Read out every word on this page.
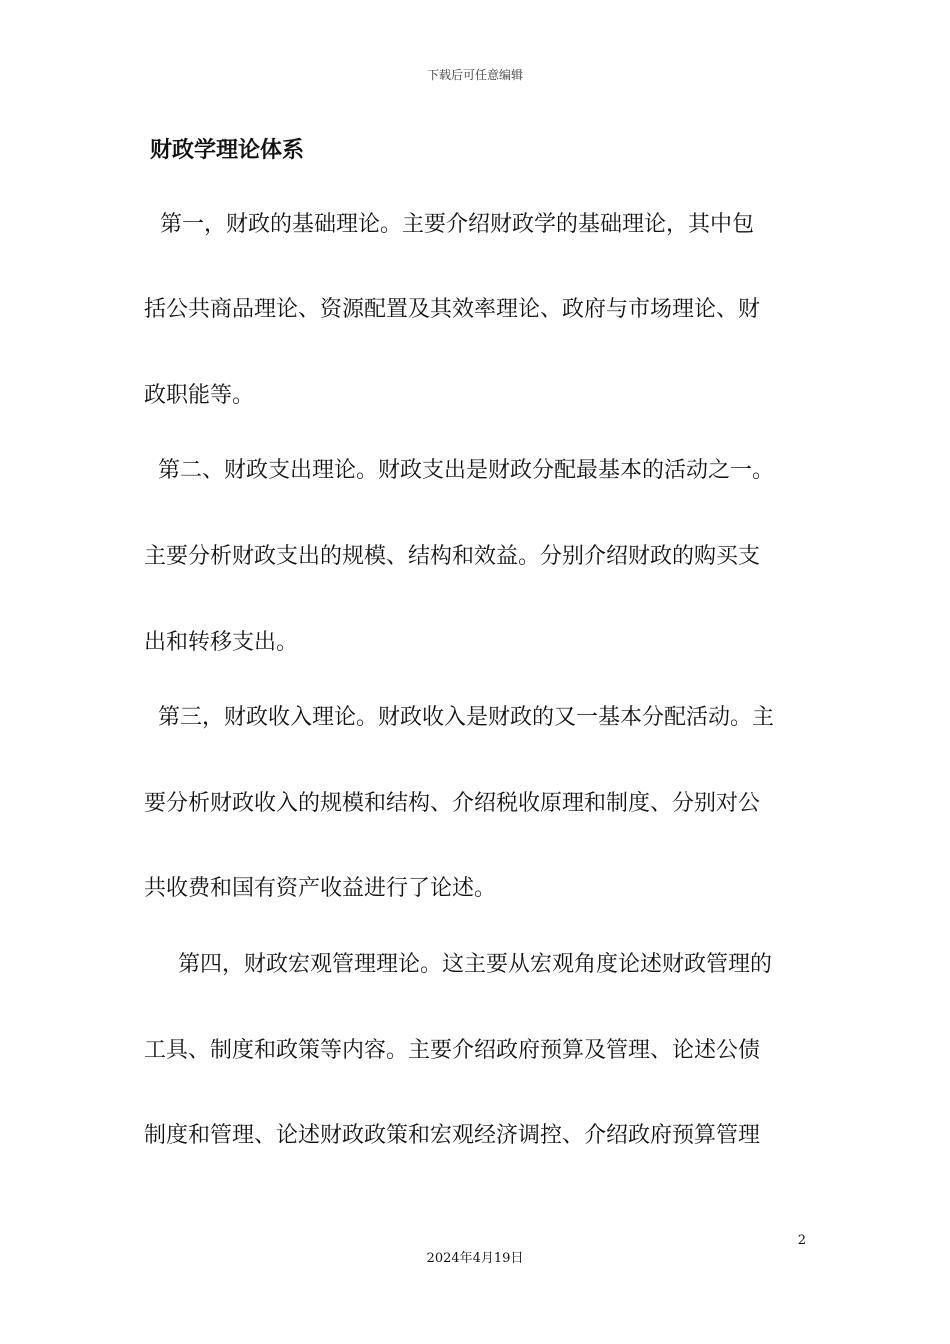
下载后可任意编辑
财政学理论体系
第一，财政的基础理论。主要介绍财政学的基础理论，其中包
括公共商品理论、资源配置及其效率理论、政府与市场理论、财
政职能等。
第二、财政支出理论。财政支出是财政分配最基本的活动之一。
主要分析财政支出的规模、结构和效益。分别介绍财政的购买支
出和转移支出。
第三，财政收入理论。财政收入是财政的又一基本分配活动。主
要分析财政收入的规模和结构、介绍税收原理和制度、分别对公
共收费和国有资产收益进行了论述。
第四，财政宏观管理理论。这主要从宏观角度论述财政管理的
工具、制度和政策等内容。主要介绍政府预算及管理、论述公债
制度和管理、论述财政政策和宏观经济调控、介绍政府预算管理
2
2024年4月19日
